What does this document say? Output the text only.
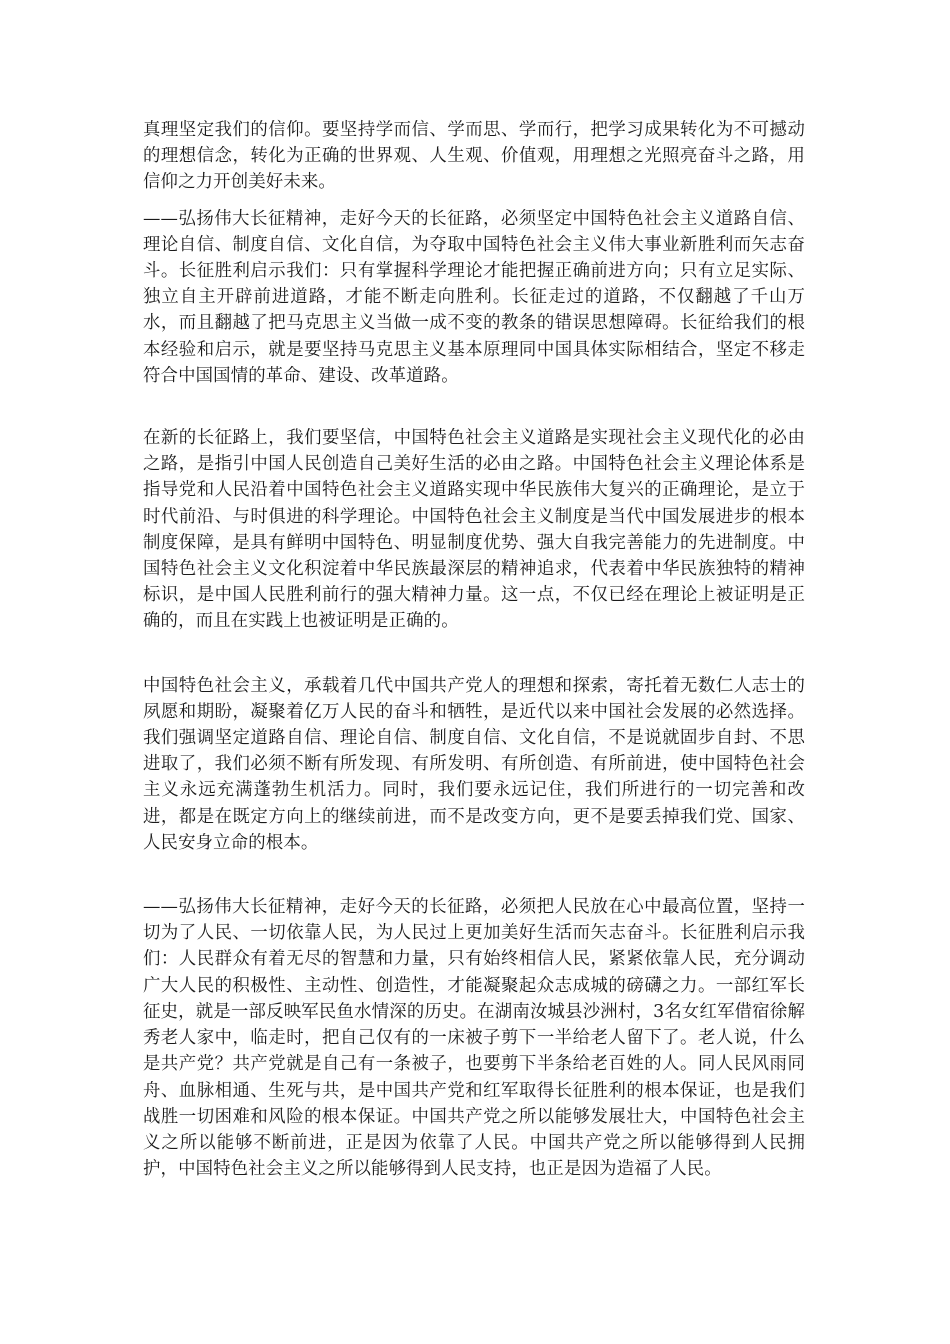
真理坚定我们的信仰。要坚持学而信、学而思、学而行，把学习成果转化为不可撼动的理想信念，转化为正确的世界观、人生观、价值观，用理想之光照亮奋斗之路，用信仰之力开创美好未来。

——弘扬伟大长征精神，走好今天的长征路，必须坚定中国特色社会主义道路自信、理论自信、制度自信、文化自信，为夺取中国特色社会主义伟大事业新胜利而矢志奋斗。长征胜利启示我们：只有掌握科学理论才能把握正确前进方向；只有立足实际、独立自主开辟前进道路，才能不断走向胜利。长征走过的道路，不仅翻越了千山万水，而且翻越了把马克思主义当做一成不变的教条的错误思想障碍。长征给我们的根本经验和启示，就是要坚持马克思主义基本原理同中国具体实际相结合，坚定不移走符合中国国情的革命、建设、改革道路。

在新的长征路上，我们要坚信，中国特色社会主义道路是实现社会主义现代化的必由之路，是指引中国人民创造自己美好生活的必由之路。中国特色社会主义理论体系是指导党和人民沿着中国特色社会主义道路实现中华民族伟大复兴的正确理论，是立于时代前沿、与时俱进的科学理论。中国特色社会主义制度是当代中国发展进步的根本制度保障，是具有鲜明中国特色、明显制度优势、强大自我完善能力的先进制度。中国特色社会主义文化积淀着中华民族最深层的精神追求，代表着中华民族独特的精神标识，是中国人民胜利前行的强大精神力量。这一点，不仅已经在理论上被证明是正确的，而且在实践上也被证明是正确的。

中国特色社会主义，承载着几代中国共产党人的理想和探索，寄托着无数仁人志士的夙愿和期盼，凝聚着亿万人民的奋斗和牺牲，是近代以来中国社会发展的必然选择。我们强调坚定道路自信、理论自信、制度自信、文化自信，不是说就固步自封、不思进取了，我们必须不断有所发现、有所发明、有所创造、有所前进，使中国特色社会主义永远充满蓬勃生机活力。同时，我们要永远记住，我们所进行的一切完善和改进，都是在既定方向上的继续前进，而不是改变方向，更不是要丢掉我们党、国家、人民安身立命的根本。

——弘扬伟大长征精神，走好今天的长征路，必须把人民放在心中最高位置，坚持一切为了人民、一切依靠人民，为人民过上更加美好生活而矢志奋斗。长征胜利启示我们：人民群众有着无尽的智慧和力量，只有始终相信人民，紧紧依靠人民，充分调动广大人民的积极性、主动性、创造性，才能凝聚起众志成城的磅礴之力。一部红军长征史，就是一部反映军民鱼水情深的历史。在湖南汝城县沙洲村，3名女红军借宿徐解秀老人家中，临走时，把自己仅有的一床被子剪下一半给老人留下了。老人说，什么是共产党？共产党就是自己有一条被子，也要剪下半条给老百姓的人。同人民风雨同舟、血脉相通、生死与共，是中国共产党和红军取得长征胜利的根本保证，也是我们战胜一切困难和风险的根本保证。中国共产党之所以能够发展壮大，中国特色社会主义之所以能够不断前进，正是因为依靠了人民。中国共产党之所以能够得到人民拥护，中国特色社会主义之所以能够得到人民支持，也正是因为造福了人民。
